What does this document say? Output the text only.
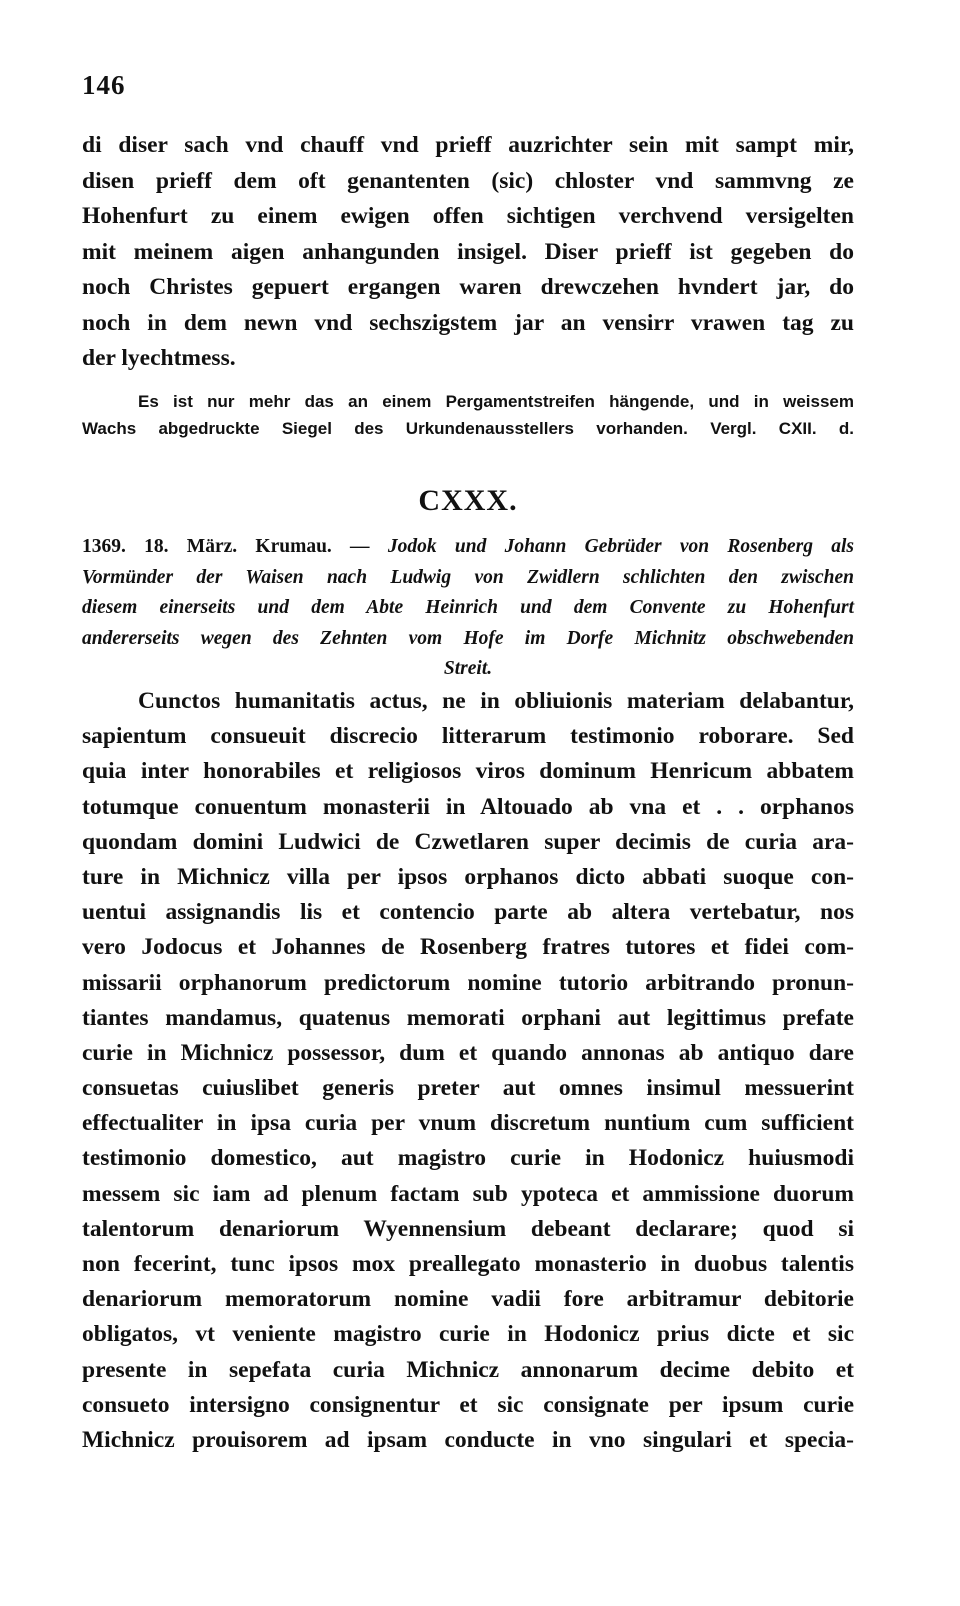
146
di diser sach vnd chauff vnd prieff auzrichter sein mit sampt mir,
disen prieff dem oft genantenten (sic) chloster vnd sammvng ze
Hohenfurt zu einem ewigen offen sichtigen verchvend versigelten
mit meinem aigen anhangunden insigel. Diser prieff ist gegeben do
noch Christes gepuert ergangen waren drewczehen hvndert jar, do
noch in dem newn vnd sechszigstem jar an vensirr vrawen tag zu
der lyechtmess.
Es ist nur mehr das an einem Pergamentstreifen hängende, und in weissem
Wachs abgedruckte Siegel des Urkundenausstellers vorhanden. Vergl. CXII. d.
CXXX.
1369. 18. März. Krumau. — Jodok und Johann Gebrüder von Rosenberg als
Vormünder der Waisen nach Ludwig von Zwidlern schlichten den zwischen
diesem einerseits und dem Abte Heinrich und dem Convente zu Hohenfurt
andererseits wegen des Zehnten vom Hofe im Dorfe Michnitz obschwebenden
Streit.
Cunctos humanitatis actus, ne in obliuionis materiam delabantur,
sapientum consueuit discrecio litterarum testimonio roborare. Sed
quia inter honorabiles et religiosos viros dominum Henricum abbatem
totumque conuentum monasterii in Altouado ab vna et . . orphanos
quondam domini Ludwici de Czwetlaren super decimis de curia ara-
ture in Michnicz villa per ipsos orphanos dicto abbati suoque con-
uentui assignandis lis et contencio parte ab altera vertebatur, nos
vero Jodocus et Johannes de Rosenberg fratres tutores et fidei com-
missarii orphanorum predictorum nomine tutorio arbitrando pronun-
tiantes mandamus, quatenus memorati orphani aut legittimus prefate
curie in Michnicz possessor, dum et quando annonas ab antiquo dare
consuetas cuiuslibet generis preter aut omnes insimul messuerint
effectualiter in ipsa curia per vnum discretum nuntium cum sufficient
testimonio domestico, aut magistro curie in Hodonicz huiusmodi
messem sic iam ad plenum factam sub ypoteca et ammissione duorum
talentorum denariorum Wyennensium debeant declarare; quod si
non fecerint, tunc ipsos mox preallegato monasterio in duobus talentis
denariorum memoratorum nomine vadii fore arbitramur debitorie
obligatos, vt veniente magistro curie in Hodonicz prius dicte et sic
presente in sepefata curia Michnicz annonarum decime debito et
consueto intersigno consignentur et sic consignate per ipsum curie
Michnicz prouisorem ad ipsam conducte in vno singulari et specia-
